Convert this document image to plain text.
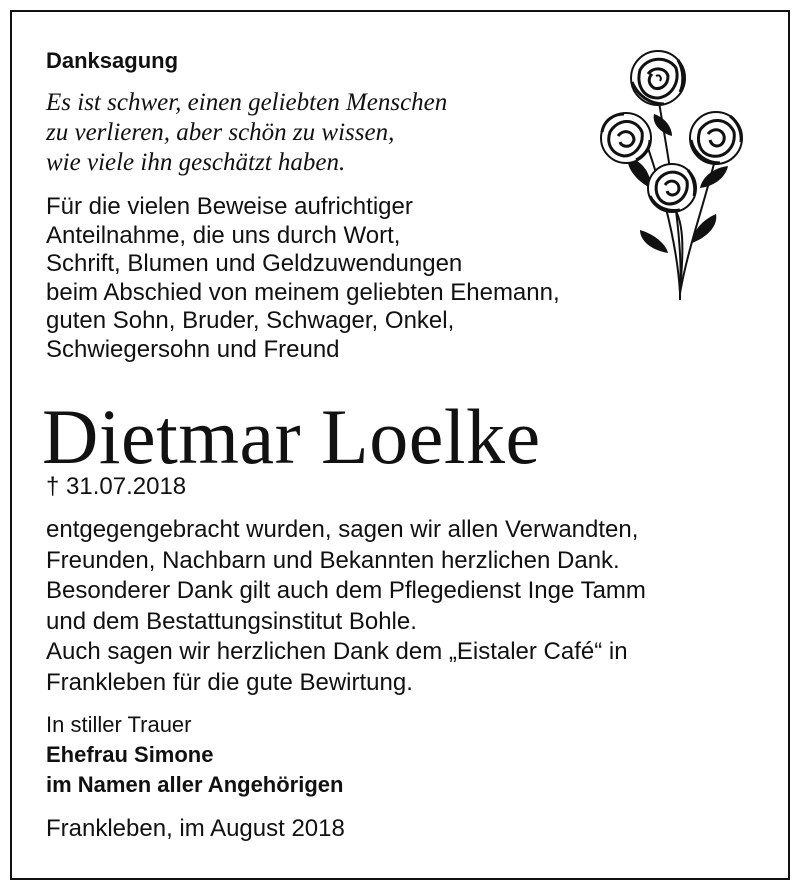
Danksagung
Es ist schwer, einen geliebten Menschen
zu verlieren, aber schön zu wissen,
wie viele ihn geschätzt haben.
Für die vielen Beweise aufrichtiger
Anteilnahme, die uns durch Wort,
Schrift, Blumen und Geldzuwendungen
beim Abschied von meinem geliebten Ehemann,
guten Sohn, Bruder, Schwager, Onkel,
Schwiegersohn und Freund
Dietmar Loelke
† 31.07.2018
entgegengebracht wurden, sagen wir allen Verwandten,
Freunden, Nachbarn und Bekannten herzlichen Dank.
Besonderer Dank gilt auch dem Pflegedienst Inge Tamm
und dem Bestattungsinstitut Bohle.
Auch sagen wir herzlichen Dank dem „Eistaler Café“ in
Frankleben für die gute Bewirtung.
In stiller Trauer
Ehefrau Simone
im Namen aller Angehörigen
Frankleben, im August 2018
